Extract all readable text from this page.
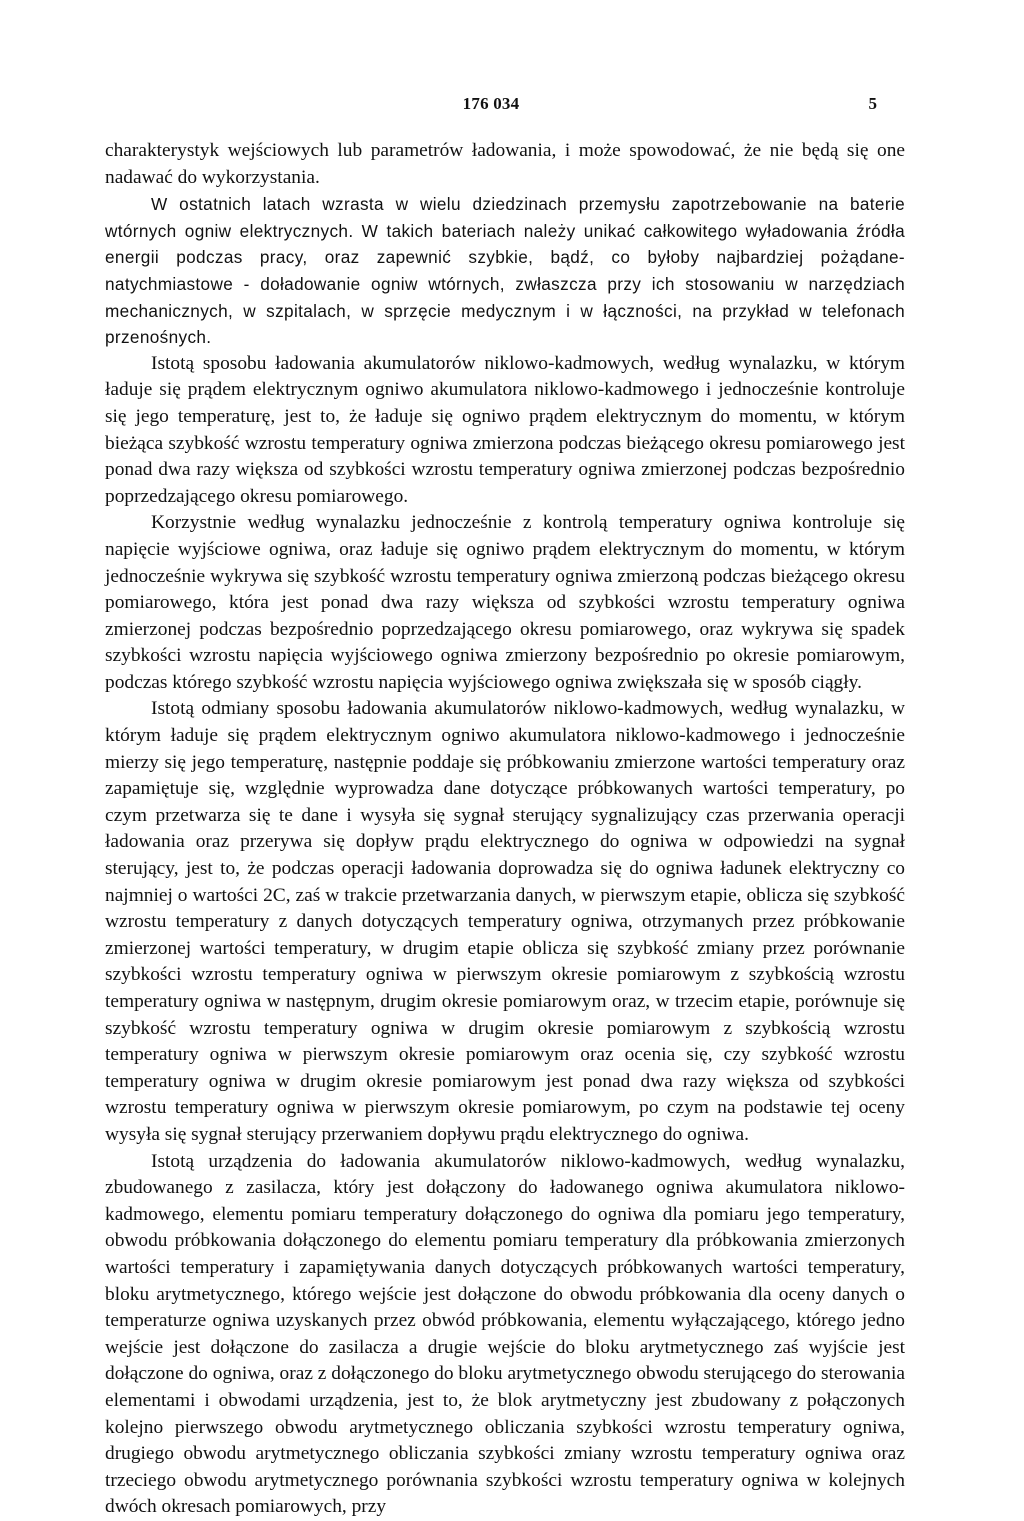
176 034	5

charakterystyk wejściowych lub parametrów ładowania, i może spowodować, że nie będą się one nadawać do wykorzystania.

W ostatnich latach wzrasta w wielu dziedzinach przemysłu zapotrzebowanie na baterie wtórnych ogniw elektrycznych. W takich bateriach należy unikać całkowitego wyładowania źródła energii podczas pracy, oraz zapewnić szybkie, bądź, co byłoby najbardziej pożądane-natychmiastowe - doładowanie ogniw wtórnych, zwłaszcza przy ich stosowaniu w narzędziach mechanicznych, w szpitalach, w sprzęcie medycznym i w łączności, na przykład w telefonach przenośnych.

Istotą sposobu ładowania akumulatorów niklowo-kadmowych, według wynalazku, w którym ładuje się prądem elektrycznym ogniwo akumulatora niklowo-kadmowego i jednocześnie kontroluje się jego temperaturę, jest to, że ładuje się ogniwo prądem elektrycznym do momentu, w którym bieżąca szybkość wzrostu temperatury ogniwa zmierzona podczas bieżącego okresu pomiarowego jest ponad dwa razy większa od szybkości wzrostu temperatury ogniwa zmierzonej podczas bezpośrednio poprzedzającego okresu pomiarowego.

Korzystnie według wynalazku jednocześnie z kontrolą temperatury ogniwa kontroluje się napięcie wyjściowe ogniwa, oraz ładuje się ogniwo prądem elektrycznym do momentu, w którym jednocześnie wykrywa się szybkość wzrostu temperatury ogniwa zmierzoną podczas bieżącego okresu pomiarowego, która jest ponad dwa razy większa od szybkości wzrostu temperatury ogniwa zmierzonej podczas bezpośrednio poprzedzającego okresu pomiarowego, oraz wykrywa się spadek szybkości wzrostu napięcia wyjściowego ogniwa zmierzony bezpośrednio po okresie pomiarowym, podczas którego szybkość wzrostu napięcia wyjściowego ogniwa zwiększała się w sposób ciągły.

Istotą odmiany sposobu ładowania akumulatorów niklowo-kadmowych, według wynalazku, w którym ładuje się prądem elektrycznym ogniwo akumulatora niklowo-kadmowego i jednocześnie mierzy się jego temperaturę, następnie poddaje się próbkowaniu zmierzone wartości temperatury oraz zapamiętuje się, względnie wyprowadza dane dotyczące próbkowanych wartości temperatury, po czym przetwarza się te dane i wysyła się sygnał sterujący sygnalizujący czas przerwania operacji ładowania oraz przerywa się dopływ prądu elektrycznego do ogniwa w odpowiedzi na sygnał sterujący, jest to, że podczas operacji ładowania doprowadza się do ogniwa ładunek elektryczny co najmniej o wartości 2C, zaś w trakcie przetwarzania danych, w pierwszym etapie, oblicza się szybkość wzrostu temperatury z danych dotyczących temperatury ogniwa, otrzymanych przez próbkowanie zmierzonej wartości temperatury, w drugim etapie oblicza się szybkość zmiany przez porównanie szybkości wzrostu temperatury ogniwa w pierwszym okresie pomiarowym z szybkością wzrostu temperatury ogniwa w następnym, drugim okresie pomiarowym oraz, w trzecim etapie, porównuje się szybkość wzrostu temperatury ogniwa w drugim okresie pomiarowym z szybkością wzrostu temperatury ogniwa w pierwszym okresie pomiarowym oraz ocenia się, czy szybkość wzrostu temperatury ogniwa w drugim okresie pomiarowym jest ponad dwa razy większa od szybkości wzrostu temperatury ogniwa w pierwszym okresie pomiarowym, po czym na podstawie tej oceny wysyła się sygnał sterujący przerwaniem dopływu prądu elektrycznego do ogniwa.

Istotą urządzenia do ładowania akumulatorów niklowo-kadmowych, według wynalazku, zbudowanego z zasilacza, który jest dołączony do ładowanego ogniwa akumulatora niklowo-kadmowego, elementu pomiaru temperatury dołączonego do ogniwa dla pomiaru jego temperatury, obwodu próbkowania dołączonego do elementu pomiaru temperatury dla próbkowania zmierzonych wartości temperatury i zapamiętywania danych dotyczących próbkowanych wartości temperatury, bloku arytmetycznego, którego wejście jest dołączone do obwodu próbkowania dla oceny danych o temperaturze ogniwa uzyskanych przez obwód próbkowania, elementu wyłączającego, którego jedno wejście jest dołączone do zasilacza a drugie wejście do bloku arytmetycznego zaś wyjście jest dołączone do ogniwa, oraz z dołączonego do bloku arytmetycznego obwodu sterującego do sterowania elementami i obwodami urządzenia, jest to, że blok arytmetyczny jest zbudowany z połączonych kolejno pierwszego obwodu arytmetycznego obliczania szybkości wzrostu temperatury ogniwa, drugiego obwodu arytmetycznego obliczania szybkości zmiany wzrostu temperatury ogniwa oraz trzeciego obwodu arytmetycznego porównania szybkości wzrostu temperatury ogniwa w kolejnych dwóch okresach pomiarowych, przy
